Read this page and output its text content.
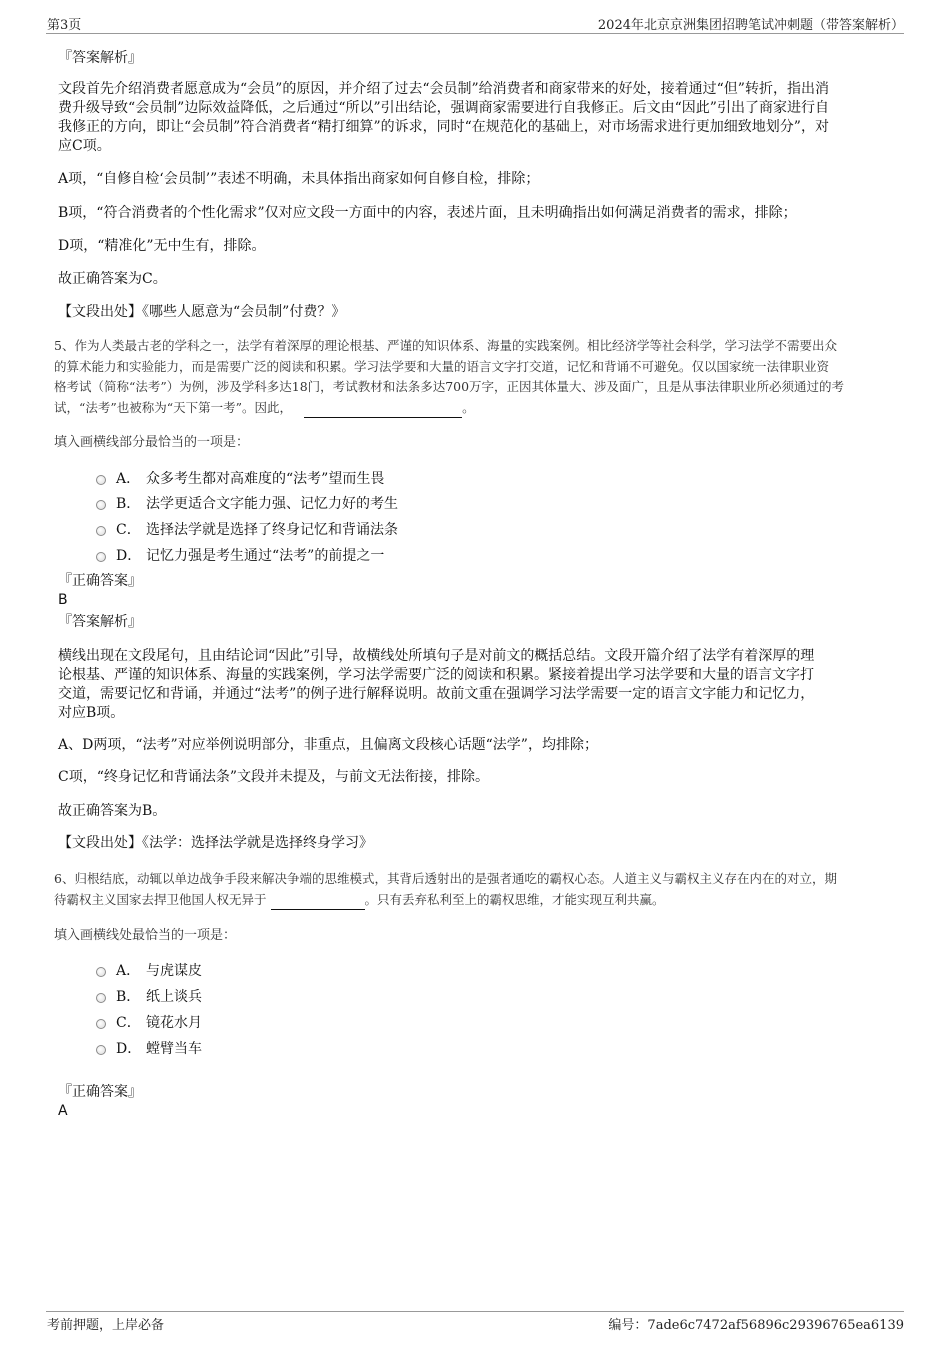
第3页	2024年北京京洲集团招聘笔试冲刺题（带答案解析）
『答案解析』
文段首先介绍消费者愿意成为“会员”的原因，并介绍了过去“会员制”给消费者和商家带来的好处，接着通过“但”转折，指出消
费升级导致“会员制”边际效益降低，之后通过“所以”引出结论，强调商家需要进行自我修正。后文由“因此”引出了商家进行自
我修正的方向，即让“会员制”符合消费者“精打细算”的诉求，同时“在规范化的基础上，对市场需求进行更加细致地划分”，对
应C项。
A项，“自修自检‘会员制’”表述不明确，未具体指出商家如何自修自检，排除；
B项，“符合消费者的个性化需求”仅对应文段一方面中的内容，表述片面，且未明确指出如何满足消费者的需求，排除；
D项，“精准化”无中生有，排除。
故正确答案为C。
【文段出处】《哪些人愿意为“会员制”付费？》
5、作为人类最古老的学科之一，法学有着深厚的理论根基、严谨的知识体系、海量的实践案例。相比经济学等社会科学，学习法学不需要出众
的算术能力和实验能力，而是需要广泛的阅读和积累。学习法学要和大量的语言文字打交道，记忆和背诵不可避免。仅以国家统一法律职业资
格考试（简称“法考”）为例，涉及学科多达18门，考试教材和法条多达700万字，正因其体量大、涉及面广，且是从事法律职业所必须通过的考
试，“法考”也被称为“天下第一考”。因此，	。
填入画横线部分最恰当的一项是：
A． 众多考生都对高难度的“法考”望而生畏
B． 法学更适合文字能力强、记忆力好的考生
C． 选择法学就是选择了终身记忆和背诵法条
D． 记忆力强是考生通过“法考”的前提之一
『正确答案』
B
『答案解析』
横线出现在文段尾句，且由结论词“因此”引导，故横线处所填句子是对前文的概括总结。文段开篇介绍了法学有着深厚的理
论根基、严谨的知识体系、海量的实践案例，学习法学需要广泛的阅读和积累。紧接着提出学习法学要和大量的语言文字打
交道，需要记忆和背诵，并通过“法考”的例子进行解释说明。故前文重在强调学习法学需要一定的语言文字能力和记忆力，
对应B项。
A、D两项，“法考”对应举例说明部分，非重点，且偏离文段核心话题“法学”，均排除；
C项，“终身记忆和背诵法条”文段并未提及，与前文无法衔接，排除。
故正确答案为B。
【文段出处】《法学：选择法学就是选择终身学习》
6、归根结底，动辄以单边战争手段来解决争端的思维模式，其背后透射出的是强者通吃的霸权心态。人道主义与霸权主义存在内在的对立，期
待霸权主义国家去捍卫他国人权无异于	。只有丢弃私利至上的霸权思维，才能实现互利共赢。
填入画横线处最恰当的一项是：
A． 与虎谋皮
B． 纸上谈兵
C． 镜花水月
D． 螳臂当车
『正确答案』
A
考前押题，上岸必备	编号：7ade6c7472af56896c29396765ea6139
